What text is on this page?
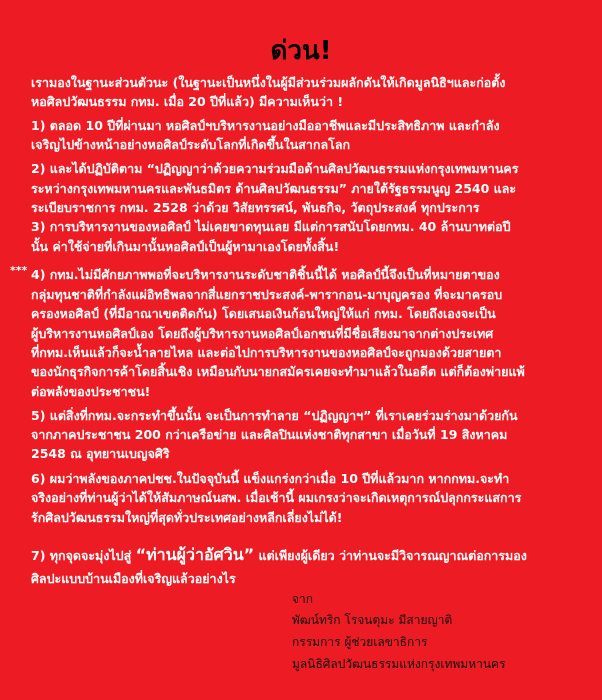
ด่วน!
เรามองในฐานะส่วนตัวนะ (ในฐานะเป็นหนึ่งในผู้มีส่วนร่วมผลักดันให้เกิดมูลนิธิฯและก่อตั้ง
หอศิลปวัฒนธรรม กทม. เมื่อ 20 ปีที่แล้ว) มีความเห็นว่า !
1) ตลอด 10 ปีที่ผ่านมา หอศิลป์ฯบริหารงานอย่างมืออาชีพและมีประสิทธิภาพ และกำลัง
เจริญไปข้างหน้าอย่างหอศิลป์ระดับโลกที่เกิดขึ้นในสากลโลก
2) และได้ปฏิบัติตาม “ปฏิญญาว่าด้วยความร่วมมือด้านศิลปวัฒนธรรมแห่งกรุงเทพมหานคร
ระหว่างกรุงเทพมหานครและพันธมิตร ด้านศิลปวัฒนธรรม” ภายใต้รัฐธรรมนูญ 2540 และ
ระเบียบราชการ กทม. 2528 ว่าด้วย วิสัยทรรศน์, พันธกิจ, วัตถุประสงค์ ทุกประการ
3) การบริหารงานของหอศิลป์ ไม่เคยขาดทุนเลย มีแต่การสนับโดยกทม. 40 ล้านบาทต่อปี
นั้น ค่าใช้จ่ายที่เกินมานั้นหอศิลป์เป็นผู้หามาเองโดยทั้งสิ้น!
*** 4) กทม.ไม่มีศักยภาพพอที่จะบริหารงานระดับชาติชิ้นนี้ได้ หอศิลป์นี้จึงเป็นที่หมายตาของ
กลุ่มทุนชาติที่กำลังแผ่อิทธิพลจากสี่แยกราชประสงค์-พารากอน-มาบุญครอง ที่จะมาครอบ
ครองหอศิลป์ (ที่มีอาณาเขตติดกัน) โดยเสนอเงินก้อนใหญ่ให้แก่ กทม. โดยถึงเองจะเป็น
ผู้บริหารงานหอศิลป์เอง โดยถึงผู้บริหารงานหอศิลป์เอกชนที่มีชื่อเสียงมาจากต่างประเทศ
ที่กทม.เห็นแล้วก็จะน้ำลายไหล และต่อไปการบริหารงานของหอศิลป์จะถูกมองด้วยสายตา
ของนักธุรกิจการค้าโดยสิ้นเชิง เหมือนกับนายกสมัครเคยจะทำมาแล้วในอดีต แต่ก็ต้องพ่ายแพ้
ต่อพลังของประชาชน!
5) แต่สิ่งที่กทม.จะกระทำขึ้นนั้น จะเป็นการทำลาย “ปฏิญญาฯ” ที่เราเคยร่วมร่างมาด้วยกัน
จากภาคประชาชน 200 กว่าเครือข่าย และศิลปินแห่งชาติทุกสาขา เมื่อวันที่ 19 สิงหาคม
2548 ณ อุทยานเบญจศิริ
6) ผมว่าพลังของภาคปชช.ในปัจจุบันนี้ แข็งแกร่งกว่าเมื่อ 10 ปีที่แล้วมาก หากกทม.จะทำ
จริงอย่างที่ท่านผู้ว่าได้ให้สัมภาษณ์นสพ. เมื่อเช้านี้ ผมเกรงว่าจะเกิดเหตุการณ์ปลุกกระแสการ
รักศิลปวัฒนธรรมใหญ่ที่สุดทั่วประเทศอย่างหลีกเลี่ยงไม่ได้!
7) ทุกจุดจะมุ่งไปสู่ “ท่านผู้ว่าอัศวิน” แต่เพียงผู้เดียว ว่าท่านจะมีวิจารณญาณต่อการมอง
ศิลปะแบบบ้านเมืองที่เจริญแล้วอย่างไร
จาก
พัฒน์ทริก โรจนตุมะ มีสายญาติ
กรรมการ ผู้ช่วยเลขาธิการ
มูลนิธิศิลปวัฒนธรรมแห่งกรุงเทพมหานคร
